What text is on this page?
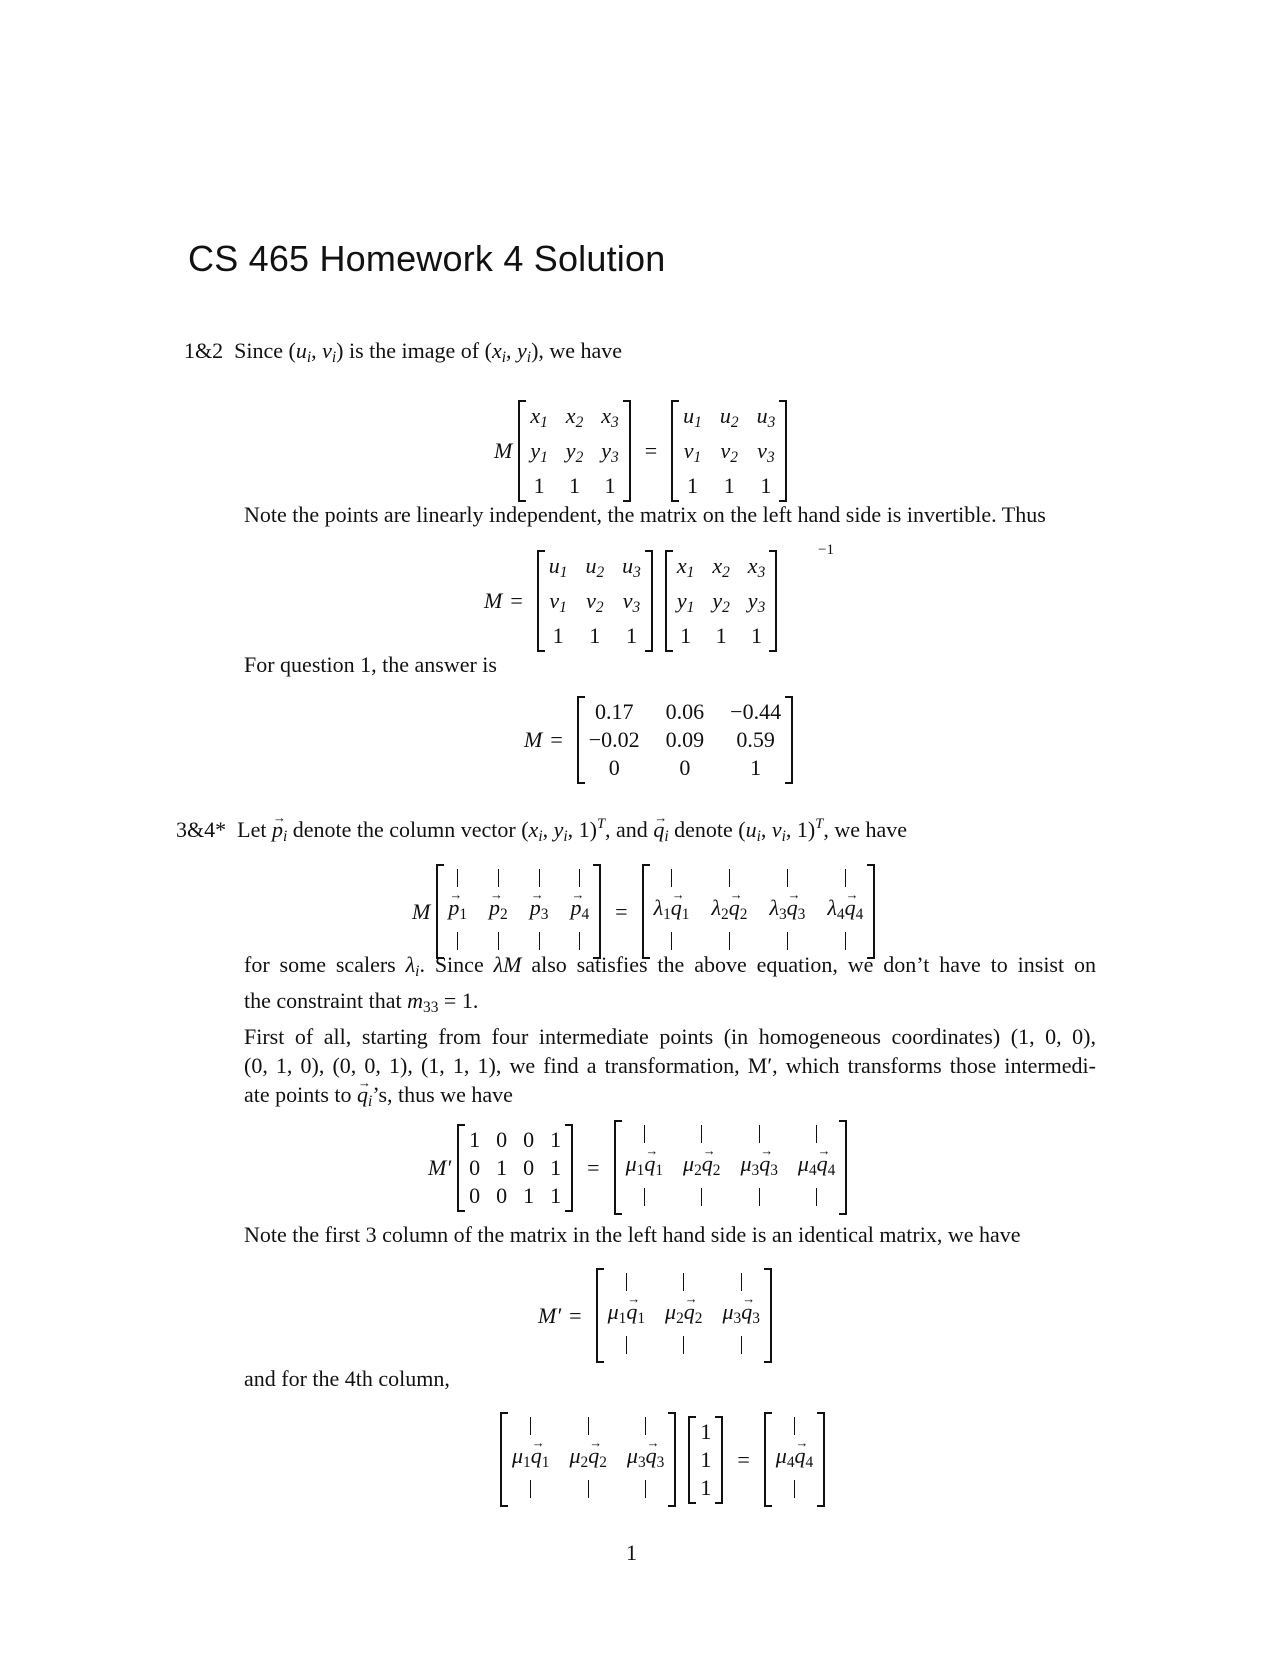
CS 465 Homework 4 Solution
1&2 Since ($u_i$, $v_i$) is the image of ($x_i$, $y_i$), we have
M
x1 x2 x3
y1 y2 y3
1 1 1
=
u1 u2 u3
v1 v2 v3
1 1 1
Note the points are linearly independent, the matrix on the left hand side is invertible. Thus
M =
u1 u2 u3
v1 v2 v3
1 1 1
x1 x2 x3
y1 y2 y3
1 1 1
−1
For question 1, the answer is
M =
0.17 0.06 −0.44
−0.02 0.09 0.59
0	0	1
3&4* Let → $p_i$ denote the column vector ($x_i$, $y_i$, 1)$^T$, and → $q_i$ denote ($u_i$, $v_i$, 1)$^T$, we have
M → p1 → p2 → p3 → p4 = λ1→ q1 λ2→ q2 λ3→ q3 λ4→ q4
for some scalers $\lambda_i$. Since λM also satisfies the above equation, we don’t have to insist on
the constraint that m33 = 1.
First of all, starting from four intermediate points (in homogeneous coordinates) (1, 0, 0),
(0, 1, 0), (0, 0, 1), (1, 1, 1), we find a transformation, M′, which transforms those intermedi-
ate points to → $q_i’s$, thus we have
M′
1 0 0 1
0 1 0 1
0 0 1 1
= μ1→ q1 μ2→ q2 μ3→ q3 μ4→ q4
Note the first 3 column of the matrix in the left hand side is an identical matrix, we have
M′ = μ1→ q1 μ2→ q2 μ3→ q3
and for the 4th column,
μ1→ q1 μ2→ q2 μ3→ q3
1
1
1
= μ4→ q4
1
